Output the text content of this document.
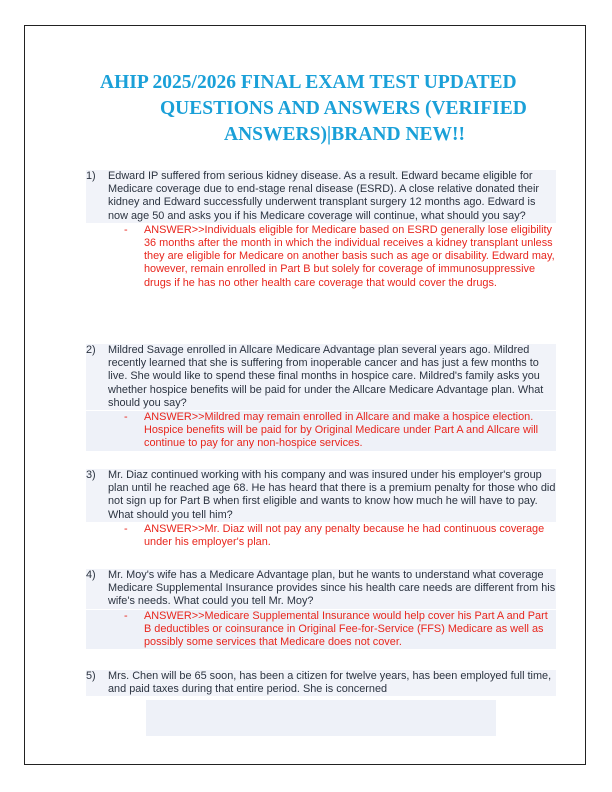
AHIP 2025/2026 FINAL EXAM TEST UPDATED
QUESTIONS AND ANSWERS (VERIFIED
ANSWERS)|BRAND NEW!!
1) Edward IP suffered from serious kidney disease. As a result. Edward became eligible for Medicare coverage due to end-stage renal disease (ESRD). A close relative donated their kidney and Edward successfully underwent transplant surgery 12 months ago. Edward is now age 50 and asks you if his Medicare coverage will continue, what should you say?
- ANSWER>>Individuals eligible for Medicare based on ESRD generally lose eligibility 36 months after the month in which the individual receives a kidney transplant unless they are eligible for Medicare on another basis such as age or disability. Edward may, however, remain enrolled in Part B but solely for coverage of immunosuppressive drugs if he has no other health care coverage that would cover the drugs.
2) Mildred Savage enrolled in Allcare Medicare Advantage plan several years ago. Mildred recently learned that she is suffering from inoperable cancer and has just a few months to live. She would like to spend these final months in hospice care. Mildred's family asks you whether hospice benefits will be paid for under the Allcare Medicare Advantage plan. What should you say?
- ANSWER>>Mildred may remain enrolled in Allcare and make a hospice election. Hospice benefits will be paid for by Original Medicare under Part A and Allcare will continue to pay for any non-hospice services.
3) Mr. Diaz continued working with his company and was insured under his employer's group plan until he reached age 68. He has heard that there is a premium penalty for those who did not sign up for Part B when first eligible and wants to know how much he will have to pay. What should you tell him?
- ANSWER>>Mr. Diaz will not pay any penalty because he had continuous coverage under his employer's plan.
4) Mr. Moy's wife has a Medicare Advantage plan, but he wants to understand what coverage Medicare Supplemental Insurance provides since his health care needs are different from his wife's needs. What could you tell Mr. Moy?
- ANSWER>>Medicare Supplemental Insurance would help cover his Part A and Part B deductibles or coinsurance in Original Fee-for-Service (FFS) Medicare as well as possibly some services that Medicare does not cover.
5) Mrs. Chen will be 65 soon, has been a citizen for twelve years, has been employed full time, and paid taxes during that entire period. She is concerned
